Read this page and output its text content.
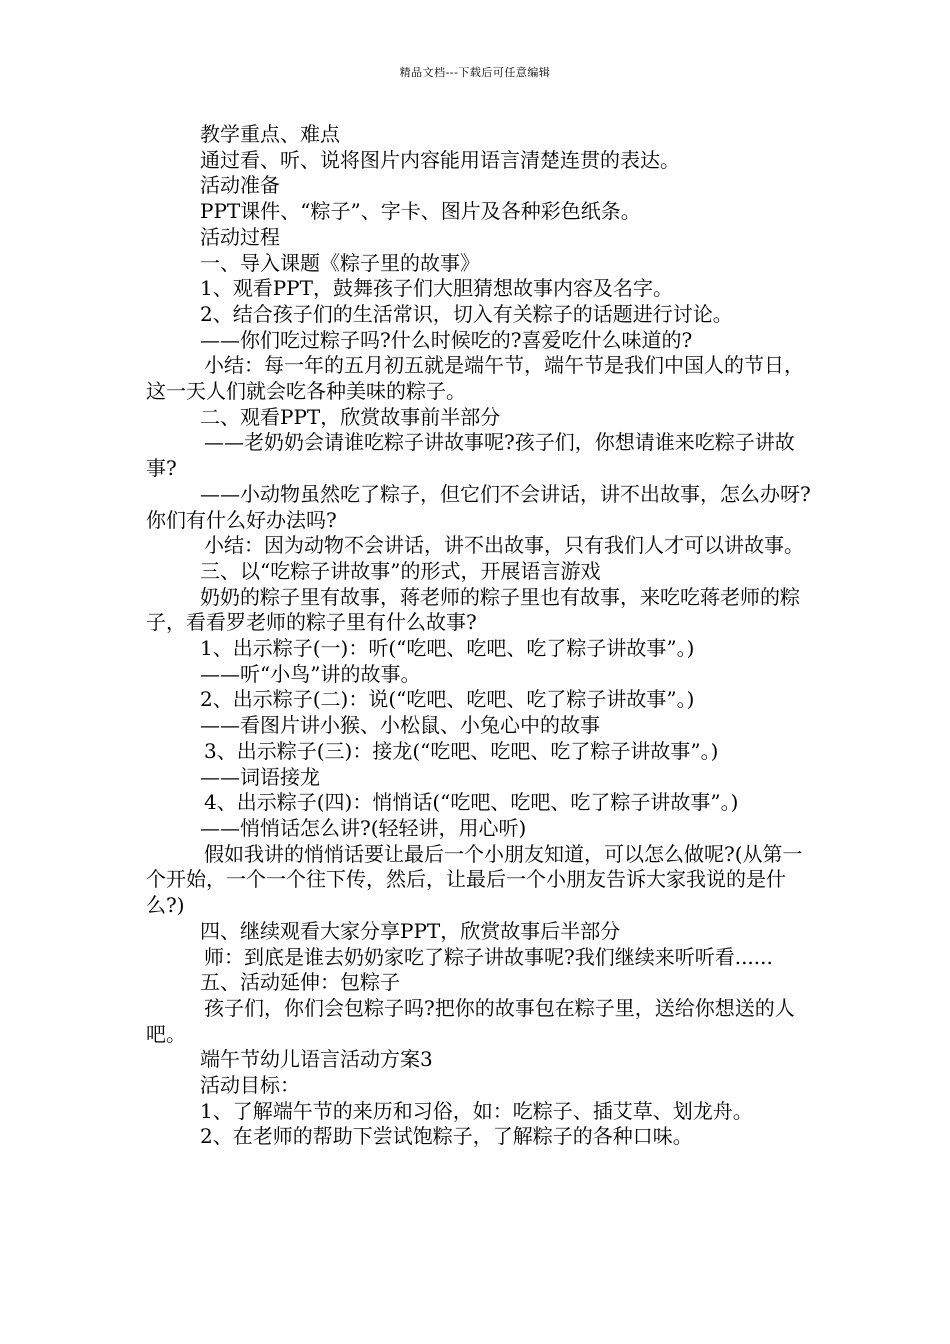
精品文档---下载后可任意编辑

教学重点、难点

通过看、听、说将图片内容能用语言清楚连贯的表达。

活动准备

PPT课件、“粽子”、字卡、图片及各种彩色纸条。

活动过程

一、导入课题《粽子里的故事》

1、观看PPT，鼓舞孩子们大胆猜想故事内容及名字。

2、结合孩子们的生活常识，切入有关粽子的话题进行讨论。

——你们吃过粽子吗?什么时候吃的?喜爱吃什么味道的?

小结：每一年的五月初五就是端午节，端午节是我们中国人的节日，这一天人们就会吃各种美味的粽子。

二、观看PPT，欣赏故事前半部分

——老奶奶会请谁吃粽子讲故事呢?孩子们，你想请谁来吃粽子讲故事?

——小动物虽然吃了粽子，但它们不会讲话，讲不出故事，怎么办呀?你们有什么好办法吗?

小结：因为动物不会讲话，讲不出故事，只有我们人才可以讲故事。

三、以“吃粽子讲故事”的形式，开展语言游戏

奶奶的粽子里有故事，蒋老师的粽子里也有故事，来吃吃蒋老师的粽子，看看罗老师的粽子里有什么故事?

1、出示粽子(一)：听(“吃吧、吃吧、吃了粽子讲故事”。)

——听“小鸟”讲的故事。

2、出示粽子(二)：说(“吃吧、吃吧、吃了粽子讲故事”。)

——看图片讲小猴、小松鼠、小兔心中的故事

3、出示粽子(三)：接龙(“吃吧、吃吧、吃了粽子讲故事”。)

——词语接龙

4、出示粽子(四)：悄悄话(“吃吧、吃吧、吃了粽子讲故事”。)

——悄悄话怎么讲?(轻轻讲，用心听)

假如我讲的悄悄话要让最后一个小朋友知道，可以怎么做呢?(从第一个开始，一个一个往下传，然后，让最后一个小朋友告诉大家我说的是什么?)

四、继续观看大家分享PPT，欣赏故事后半部分

师：到底是谁去奶奶家吃了粽子讲故事呢?我们继续来听听看......

五、活动延伸：包粽子

孩子们，你们会包粽子吗?把你的故事包在粽子里，送给你想送的人吧。

端午节幼儿语言活动方案3

活动目标：

1、了解端午节的来历和习俗，如：吃粽子、插艾草、划龙舟。

2、在老师的帮助下尝试饱粽子，了解粽子的各种口味。
